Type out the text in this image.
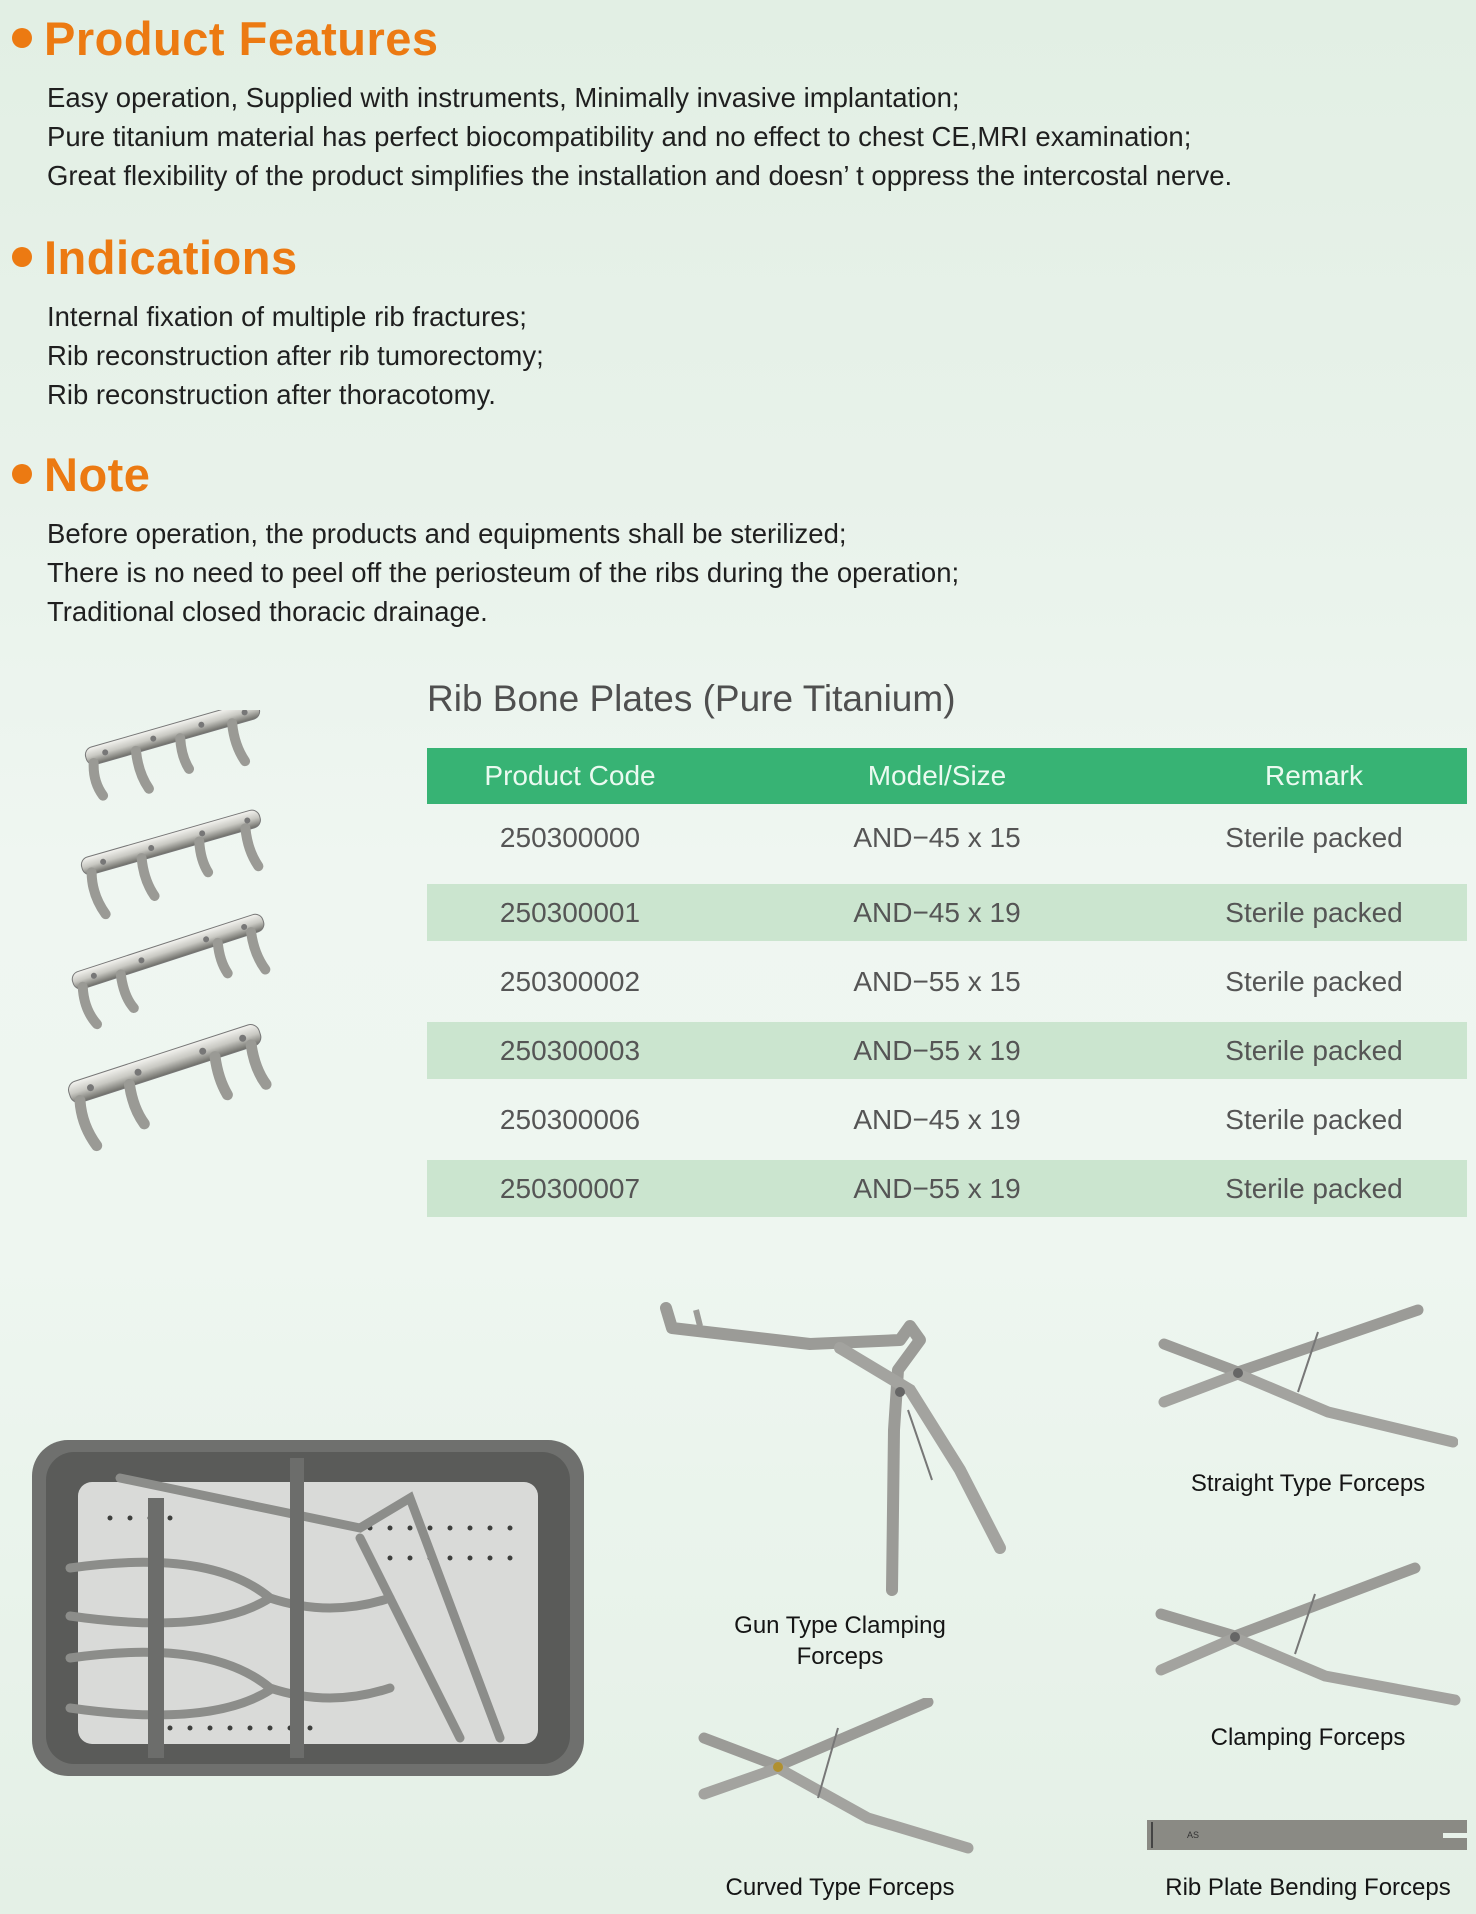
Product Features
Easy operation, Supplied with instruments, Minimally invasive implantation;
Pure titanium material has perfect biocompatibility and no effect to chest CE,MRI examination;
Great flexibility of the product simplifies the installation and doesn’ t oppress the intercostal nerve.
Indications
Internal fixation of multiple rib fractures;
Rib reconstruction after rib tumorectomy;
Rib reconstruction after thoracotomy.
Note
Before operation, the products and equipments shall be sterilized;
There is no need to peel off the periosteum of the ribs during the operation;
Traditional closed thoracic drainage.
Rib Bone Plates (Pure Titanium)
Product Code	Model/Size	Remark
250300000	AND−45 x 15	Sterile packed
250300001	AND−45 x 19	Sterile packed
250300002	AND−55 x 15	Sterile packed
250300003	AND−55 x 19	Sterile packed
250300006	AND−45 x 19	Sterile packed
250300007	AND−55 x 19	Sterile packed
Gun Type Clamping
Forceps
Straight Type Forceps
Clamping Forceps
Curved Type Forceps
AS
Rib Plate Bending Forceps
